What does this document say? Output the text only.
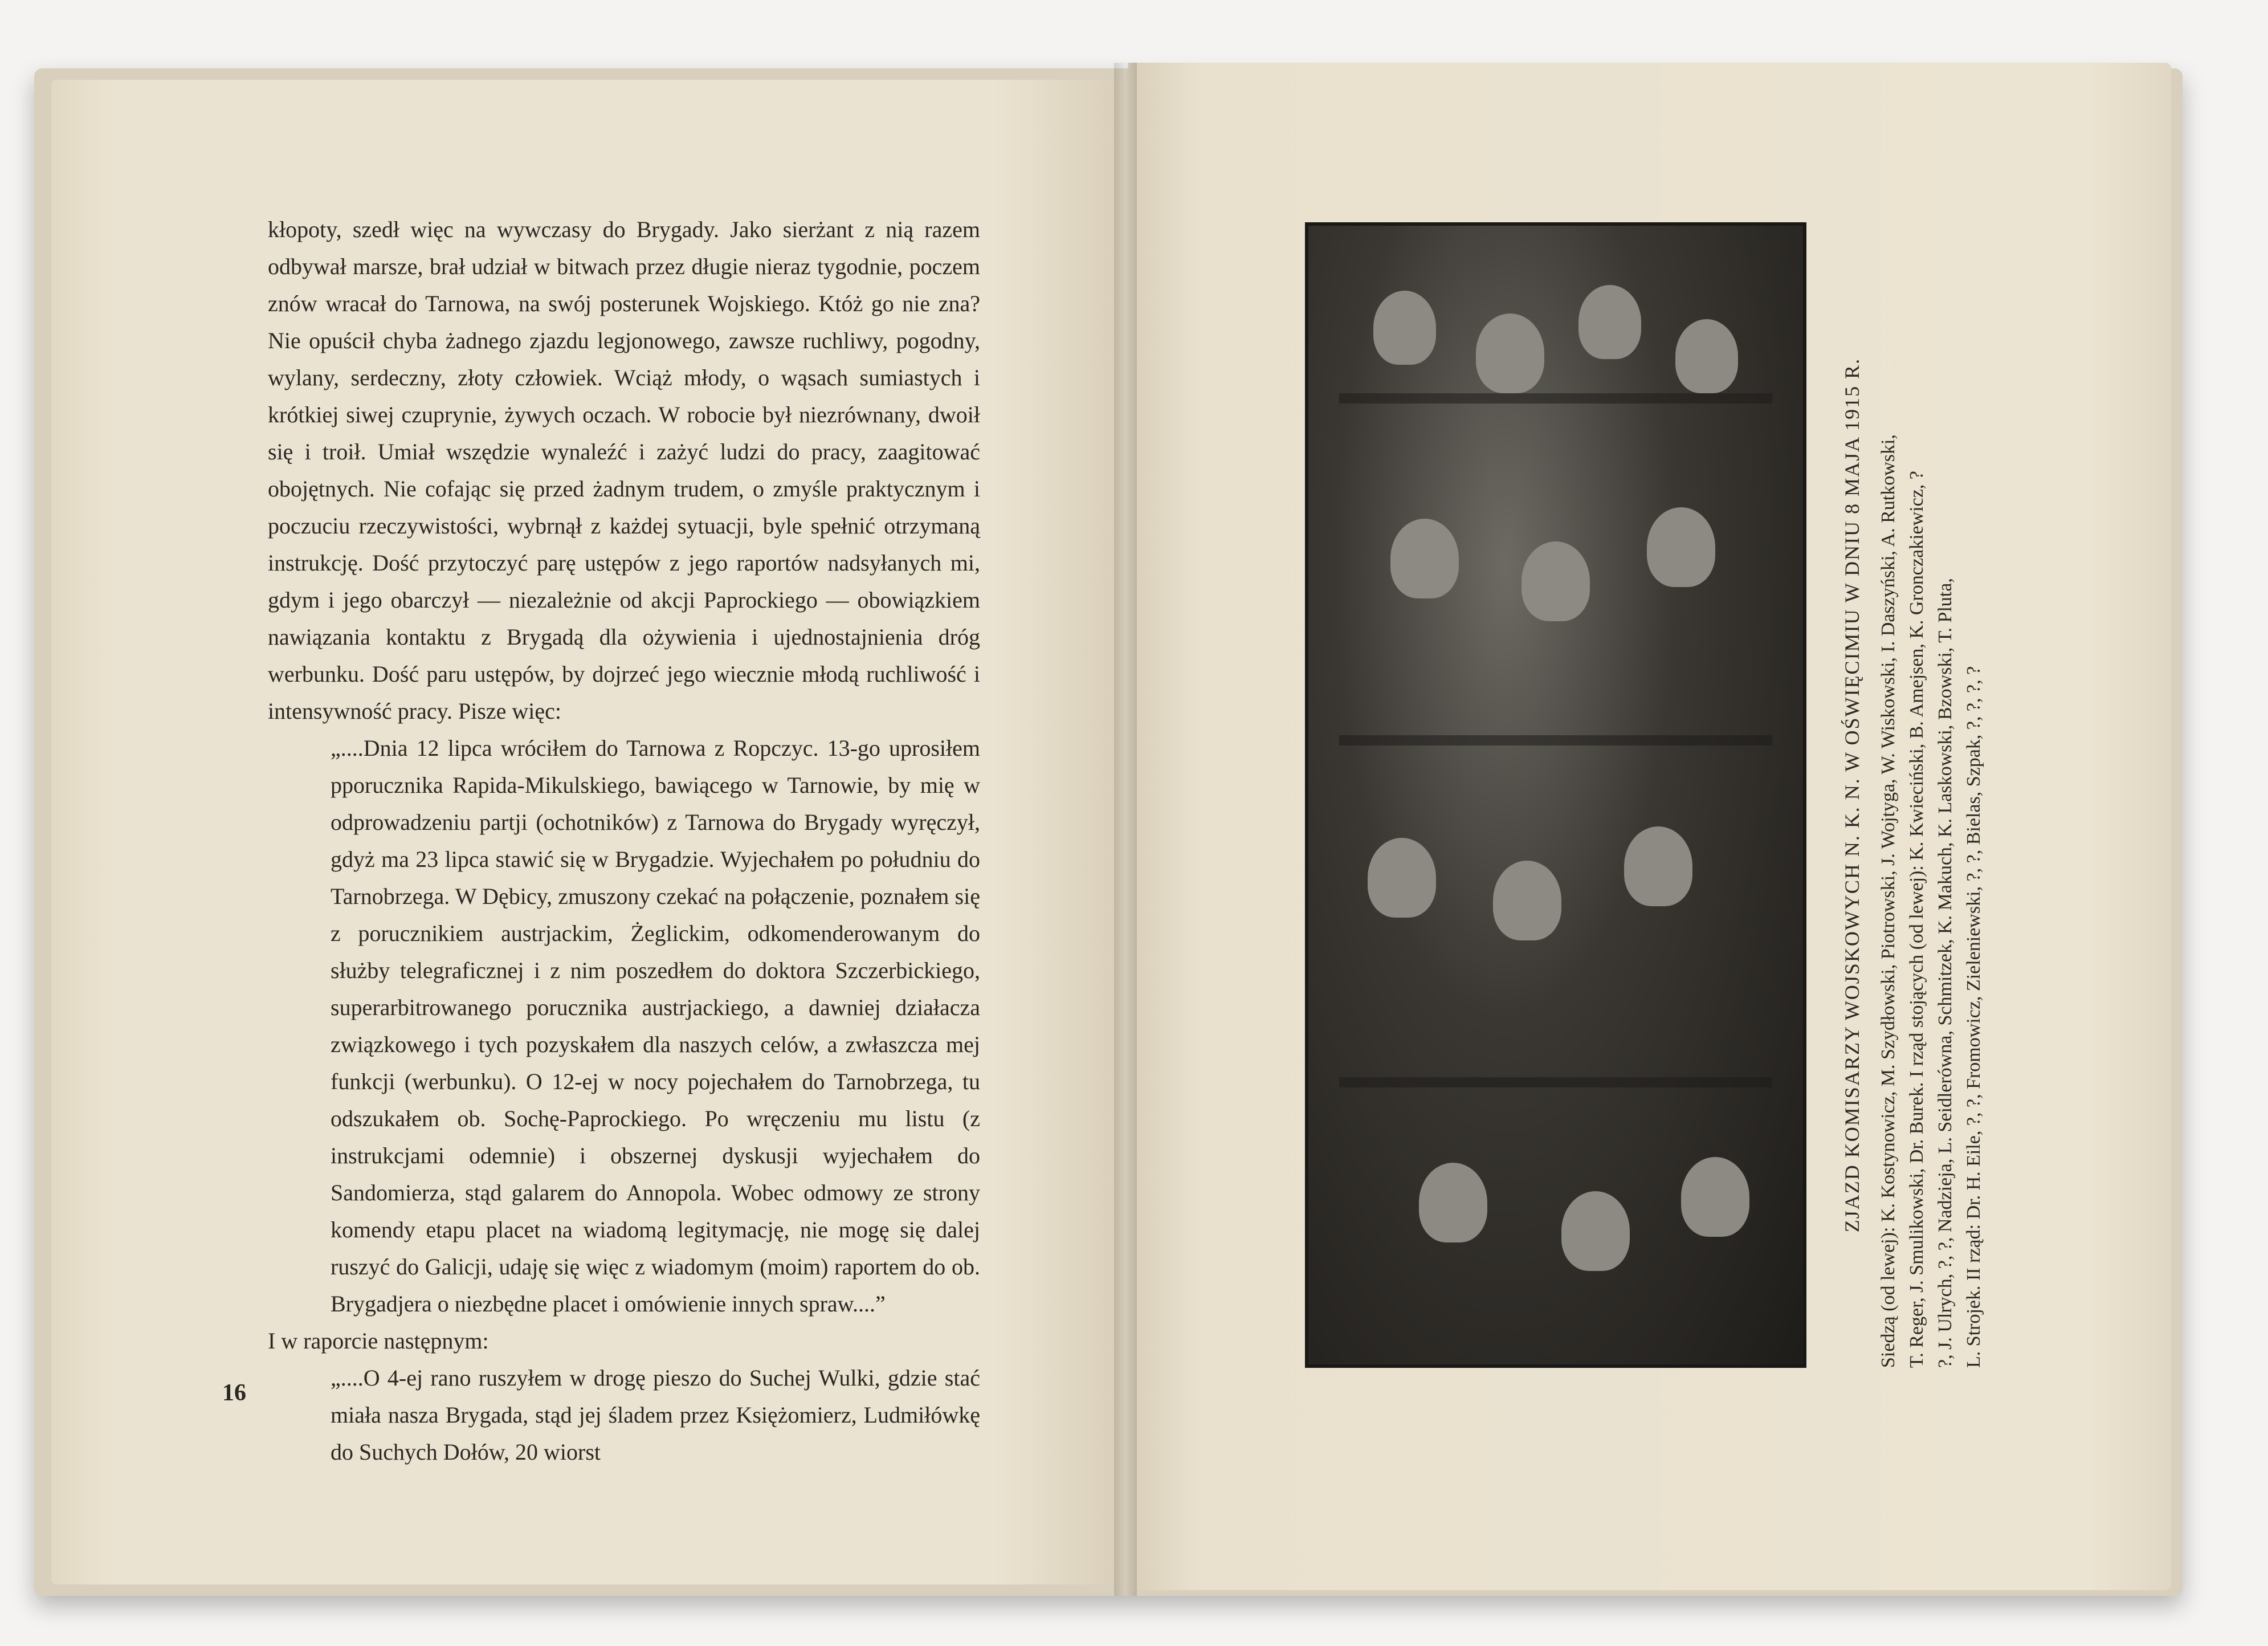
kłopoty, szedł więc na wywczasy do Brygady. Jako sierżant z nią razem odbywał marsze, brał udział w bitwach przez długie nieraz tygodnie, poczem znów wracał do Tarnowa, na swój posterunek Wojskiego. Któż go nie zna? Nie opuścił chyba żadnego zjazdu legjonowego, zawsze ruchliwy, pogodny, wylany, serdeczny, złoty człowiek. Wciąż młody, o wąsach sumiastych i krótkiej siwej czuprynie, żywych oczach. W robocie był niezrównany, dwoił się i troił. Umiał wszędzie wynaleźć i zażyć ludzi do pracy, zaagitować obojętnych. Nie cofając się przed żadnym trudem, o zmyśle praktycznym i poczuciu rzeczywistości, wybrnął z każdej sytuacji, byle spełnić otrzymaną instrukcję. Dość przytoczyć parę ustępów z jego raportów nadsyłanych mi, gdym i jego obarczył — niezależnie od akcji Paprockiego — obowiązkiem nawiązania kontaktu z Brygadą dla ożywienia i ujednostajnienia dróg werbunku. Dość paru ustępów, by dojrzeć jego wiecznie młodą ruchliwość i intensywność pracy. Pisze więc:

„....Dnia 12 lipca wróciłem do Tarnowa z Ropczyc. 13-go uprosiłem pporucznika Rapida-Mikulskiego, bawiącego w Tarnowie, by mię w odprowadzeniu partji (ochotników) z Tarnowa do Brygady wyręczył, gdyż ma 23 lipca stawić się w Brygadzie. Wyjechałem po południu do Tarnobrzega. W Dębicy, zmuszony czekać na połączenie, poznałem się z porucznikiem austrjackim, Żeglickim, odkomenderowanym do służby telegraficznej i z nim poszedłem do doktora Szczerbickiego, superarbitrowanego porucznika austrjackiego, a dawniej działacza związkowego i tych pozyskałem dla naszych celów, a zwłaszcza mej funkcji (werbunku). O 12-ej w nocy pojechałem do Tarnobrzega, tu odszukałem ob. Sochę-Paprockiego. Po wręczeniu mu listu (z instrukcjami odemnie) i obszernej dyskusji wyjechałem do Sandomierza, stąd galarem do Annopola. Wobec odmowy ze strony komendy etapu placet na wiadomą legitymację, nie mogę się dalej ruszyć do Galicji, udaję się więc z wiadomym (moim) raportem do ob. Brygadjera o niezbędne placet i omówienie innych spraw....”

I w raporcie następnym:

„....O 4-ej rano ruszyłem w drogę pieszo do Suchej Wulki, gdzie stać miała nasza Brygada, stąd jej śladem przez Księżomierz, Ludmiłówkę do Suchych Dołów, 20 wiorst

16
ZJAZD KOMISARZY WOJSKOWYCH N. K. N. W OŚWIĘCIMIU W DNIU 8 MAJA 1915 R. Siedzą (od lewej): K. Kostynowicz, M. Szydłowski, Piotrowski, J. Wojtyga, W. Wiskowski, I. Daszyński, A. Rutkowski, T. Reger, J. Smulikowski, Dr. Burek. I rząd stojących (od lewej): K. Kwieciński, B. Amejsen, K. Gronczakiewicz, ? ?, J. Ulrych, ?, ?, Nadzieja, L. Seidlerówna, Schmitzek, K. Makuch, K. Laskowski, Bzowski, T. Pluta, L. Strojek. II rząd: Dr. H. Eile, ?, ?, Fromowicz, Zieleniewski, ?, ?, Bielas, Szpak, ?, ?, ?, ?
